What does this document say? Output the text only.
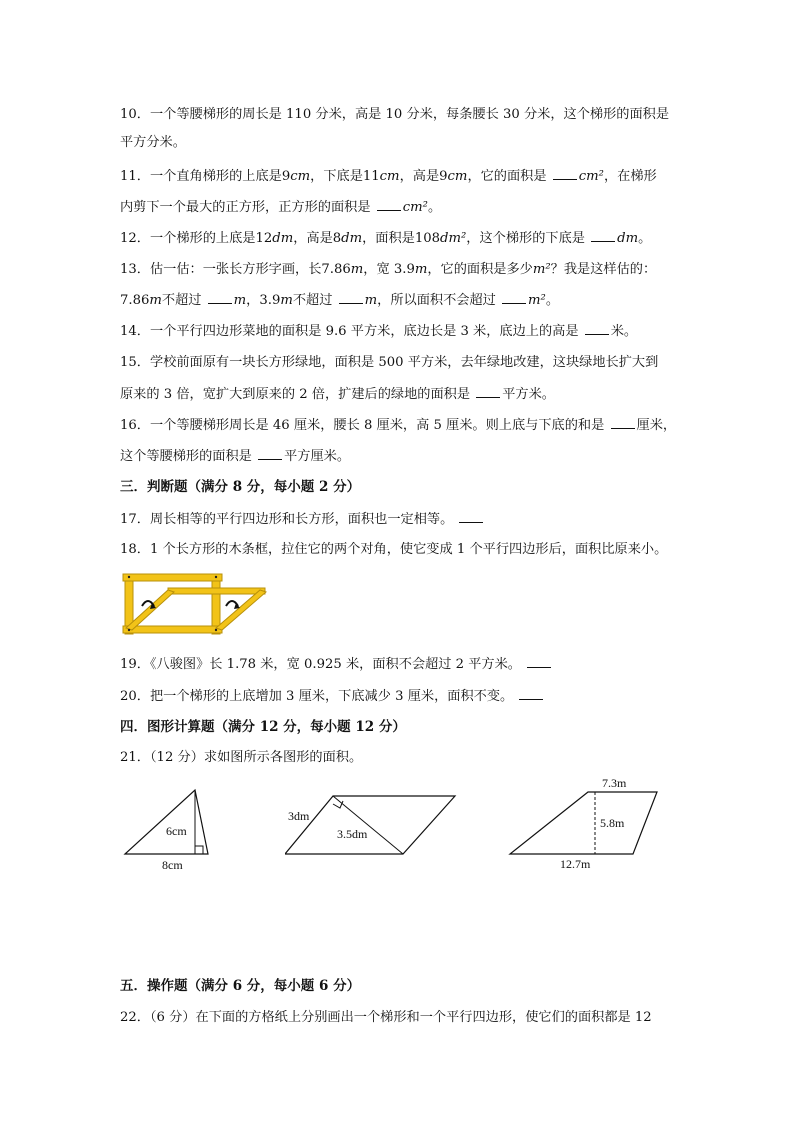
10．一个等腰梯形的周长是 110 分米，高是 10 分米，每条腰长 30 分米，这个梯形的面积是
平方分米。
11．一个直角梯形的上底是9cm，下底是11cm，高是9cm，它的面积是 cm²，在梯形
内剪下一个最大的正方形，正方形的面积是 cm²。
12．一个梯形的上底是12dm，高是8dm，面积是108dm²，这个梯形的下底是 dm。
13．估一估：一张长方形字画，长7.86m，宽 3.9m，它的面积是多少m²？我是这样估的：
7.86m不超过 m，3.9m不超过 m，所以面积不会超过 m²。
14．一个平行四边形菜地的面积是 9.6 平方米，底边长是 3 米，底边上的高是 米。
15．学校前面原有一块长方形绿地，面积是 500 平方米，去年绿地改建，这块绿地长扩大到
原来的 3 倍，宽扩大到原来的 2 倍，扩建后的绿地的面积是 平方米。
16．一个等腰梯形周长是 46 厘米，腰长 8 厘米，高 5 厘米。则上底与下底的和是 厘米，
这个等腰梯形的面积是 平方厘米。
三．判断题（满分 8 分，每小题 2 分）
17．周长相等的平行四边形和长方形，面积也一定相等。
18．1 个长方形的木条框，拉住它的两个对角，使它变成 1 个平行四边形后，面积比原来小。
19．《八骏图》长 1.78 米，宽 0.925 米，面积不会超过 2 平方米。
20．把一个梯形的上底增加 3 厘米，下底减少 3 厘米，面积不变。
四．图形计算题（满分 12 分，每小题 12 分）
21．（12 分）求如图所示各图形的面积。
6cm
8cm
3dm
3.5dm
7.3m
5.8m
12.7m
五．操作题（满分 6 分，每小题 6 分）
22．（6 分）在下面的方格纸上分别画出一个梯形和一个平行四边形，使它们的面积都是 12
